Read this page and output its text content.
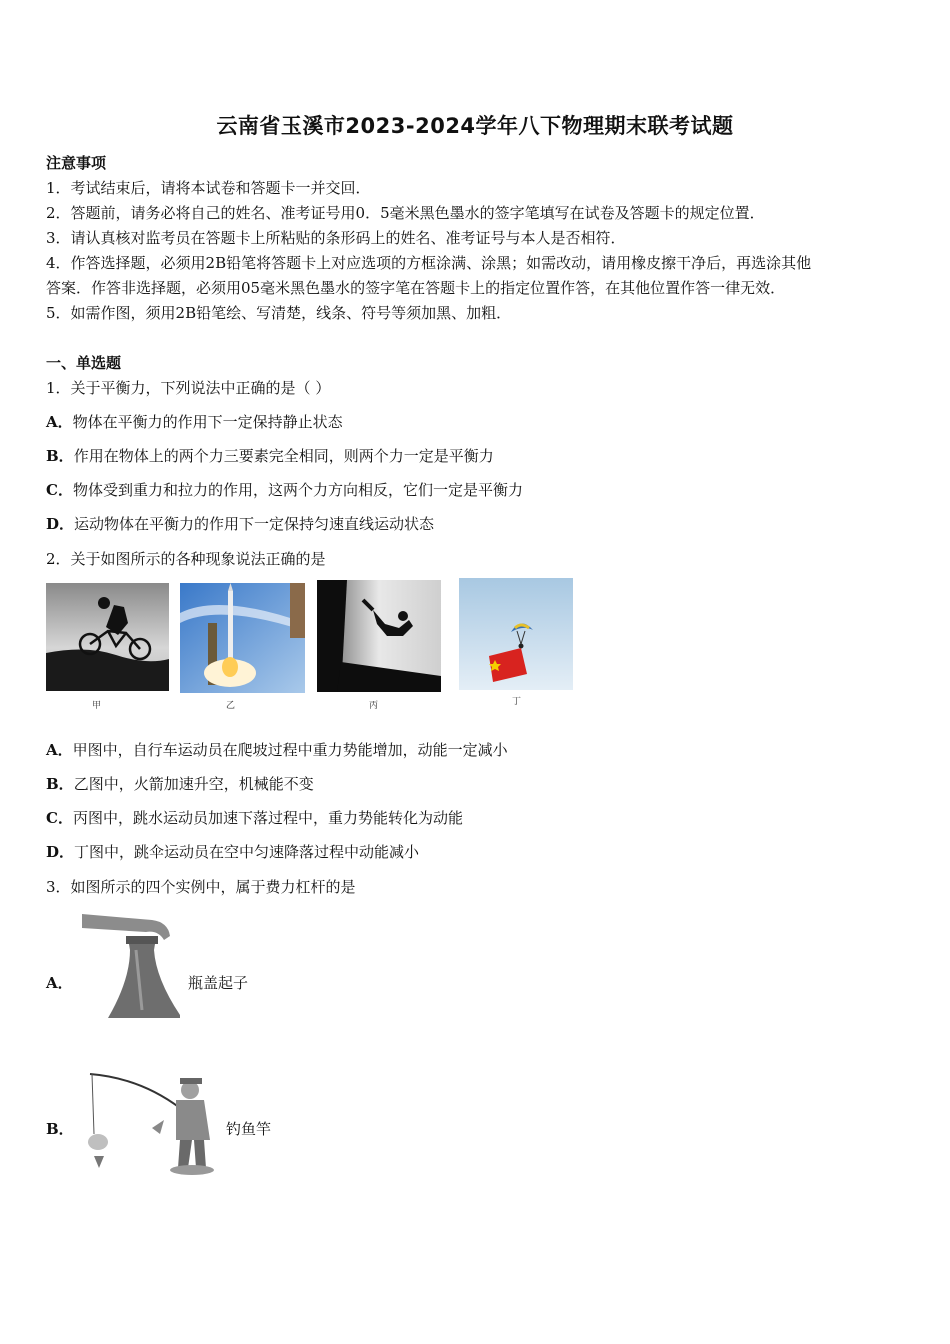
云南省玉溪市2023-2024学年八下物理期末联考试题
注意事项
1．考试结束后，请将本试卷和答题卡一并交回．
2．答题前，请务必将自己的姓名、准考证号用0．5毫米黑色墨水的签字笔填写在试卷及答题卡的规定位置．
3．请认真核对监考员在答题卡上所粘贴的条形码上的姓名、准考证号与本人是否相符．
4．作答选择题，必须用2B铅笔将答题卡上对应选项的方框涂满、涂黑；如需改动，请用橡皮擦干净后，再选涂其他
答案．作答非选择题，必须用05毫米黑色墨水的签字笔在答题卡上的指定位置作答，在其他位置作答一律无效．
5．如需作图，须用2B铅笔绘、写清楚，线条、符号等须加黑、加粗．
一、单选题
1．关于平衡力，下列说法中正确的是（ ）
A．物体在平衡力的作用下一定保持静止状态
B．作用在物体上的两个力三要素完全相同，则两个力一定是平衡力
C．物体受到重力和拉力的作用，这两个力方向相反，它们一定是平衡力
D．运动物体在平衡力的作用下一定保持匀速直线运动状态
2．关于如图所示的各种现象说法正确的是
甲	乙	丙	丁
A．甲图中，自行车运动员在爬坡过程中重力势能增加，动能一定减小
B．乙图中，火箭加速升空，机械能不变
C．丙图中，跳水运动员加速下落过程中，重力势能转化为动能
D．丁图中，跳伞运动员在空中匀速降落过程中动能减小
3．如图所示的四个实例中，属于费力杠杆的是
A．	瓶盖起子
B．	钓鱼竿
